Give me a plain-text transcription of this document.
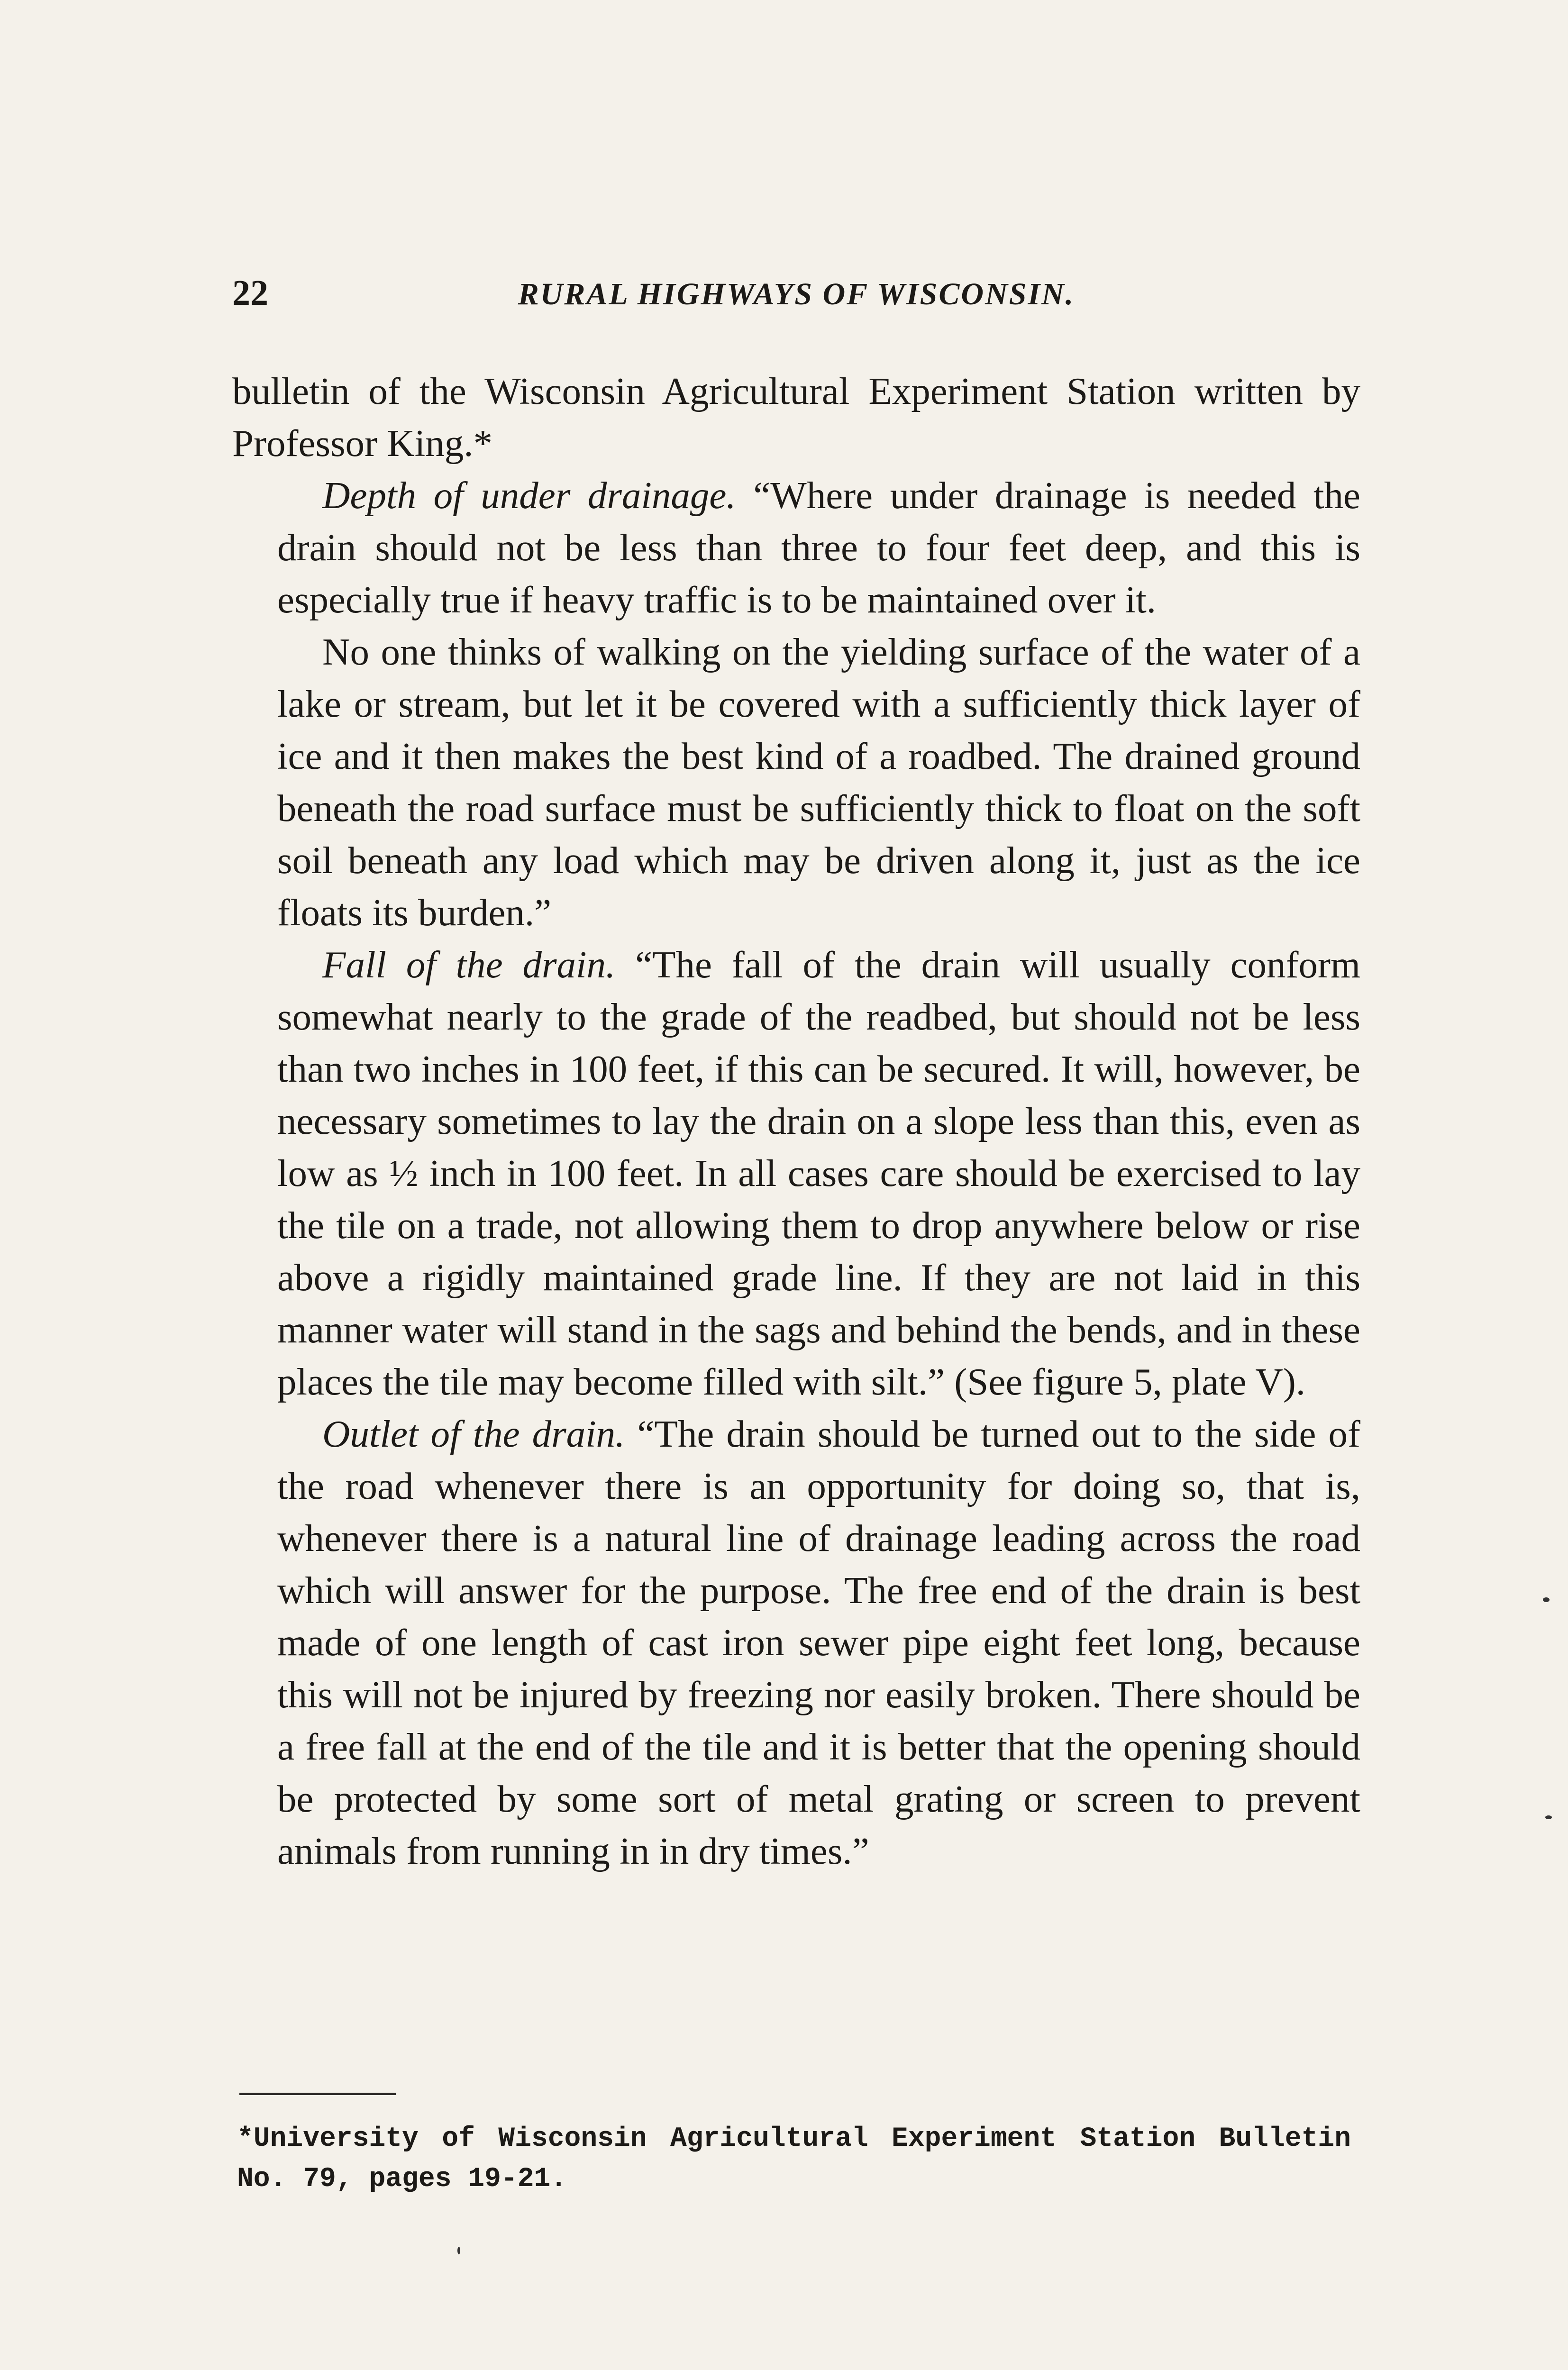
22	RURAL HIGHWAYS OF WISCONSIN.

bulletin of the Wisconsin Agricultural Experiment Station written by Professor King.*

Depth of under drainage. “Where under drainage is needed the drain should not be less than three to four feet deep, and this is especially true if heavy traffic is to be maintained over it.

No one thinks of walking on the yielding surface of the water of a lake or stream, but let it be covered with a sufficiently thick layer of ice and it then makes the best kind of a roadbed. The drained ground beneath the road surface must be sufficiently thick to float on the soft soil beneath any load which may be driven along it, just as the ice floats its burden.”

Fall of the drain. “The fall of the drain will usually conform somewhat nearly to the grade of the readbed, but should not be less than two inches in 100 feet, if this can be secured. It will, however, be necessary sometimes to lay the drain on a slope less than this, even as low as ½ inch in 100 feet. In all cases care should be exercised to lay the tile on a trade, not allowing them to drop anywhere below or rise above a rigidly maintained grade line. If they are not laid in this manner water will stand in the sags and behind the bends, and in these places the tile may become filled with silt.” (See figure 5, plate V).

Outlet of the drain. “The drain should be turned out to the side of the road whenever there is an opportunity for doing so, that is, whenever there is a natural line of drainage leading across the road which will answer for the purpose. The free end of the drain is best made of one length of cast iron sewer pipe eight feet long, because this will not be injured by freezing nor easily broken. There should be a free fall at the end of the tile and it is better that the opening should be protected by some sort of metal grating or screen to prevent animals from running in in dry times.”

*University of Wisconsin Agricultural Experiment Station Bulletin No. 79, pages 19-21.
